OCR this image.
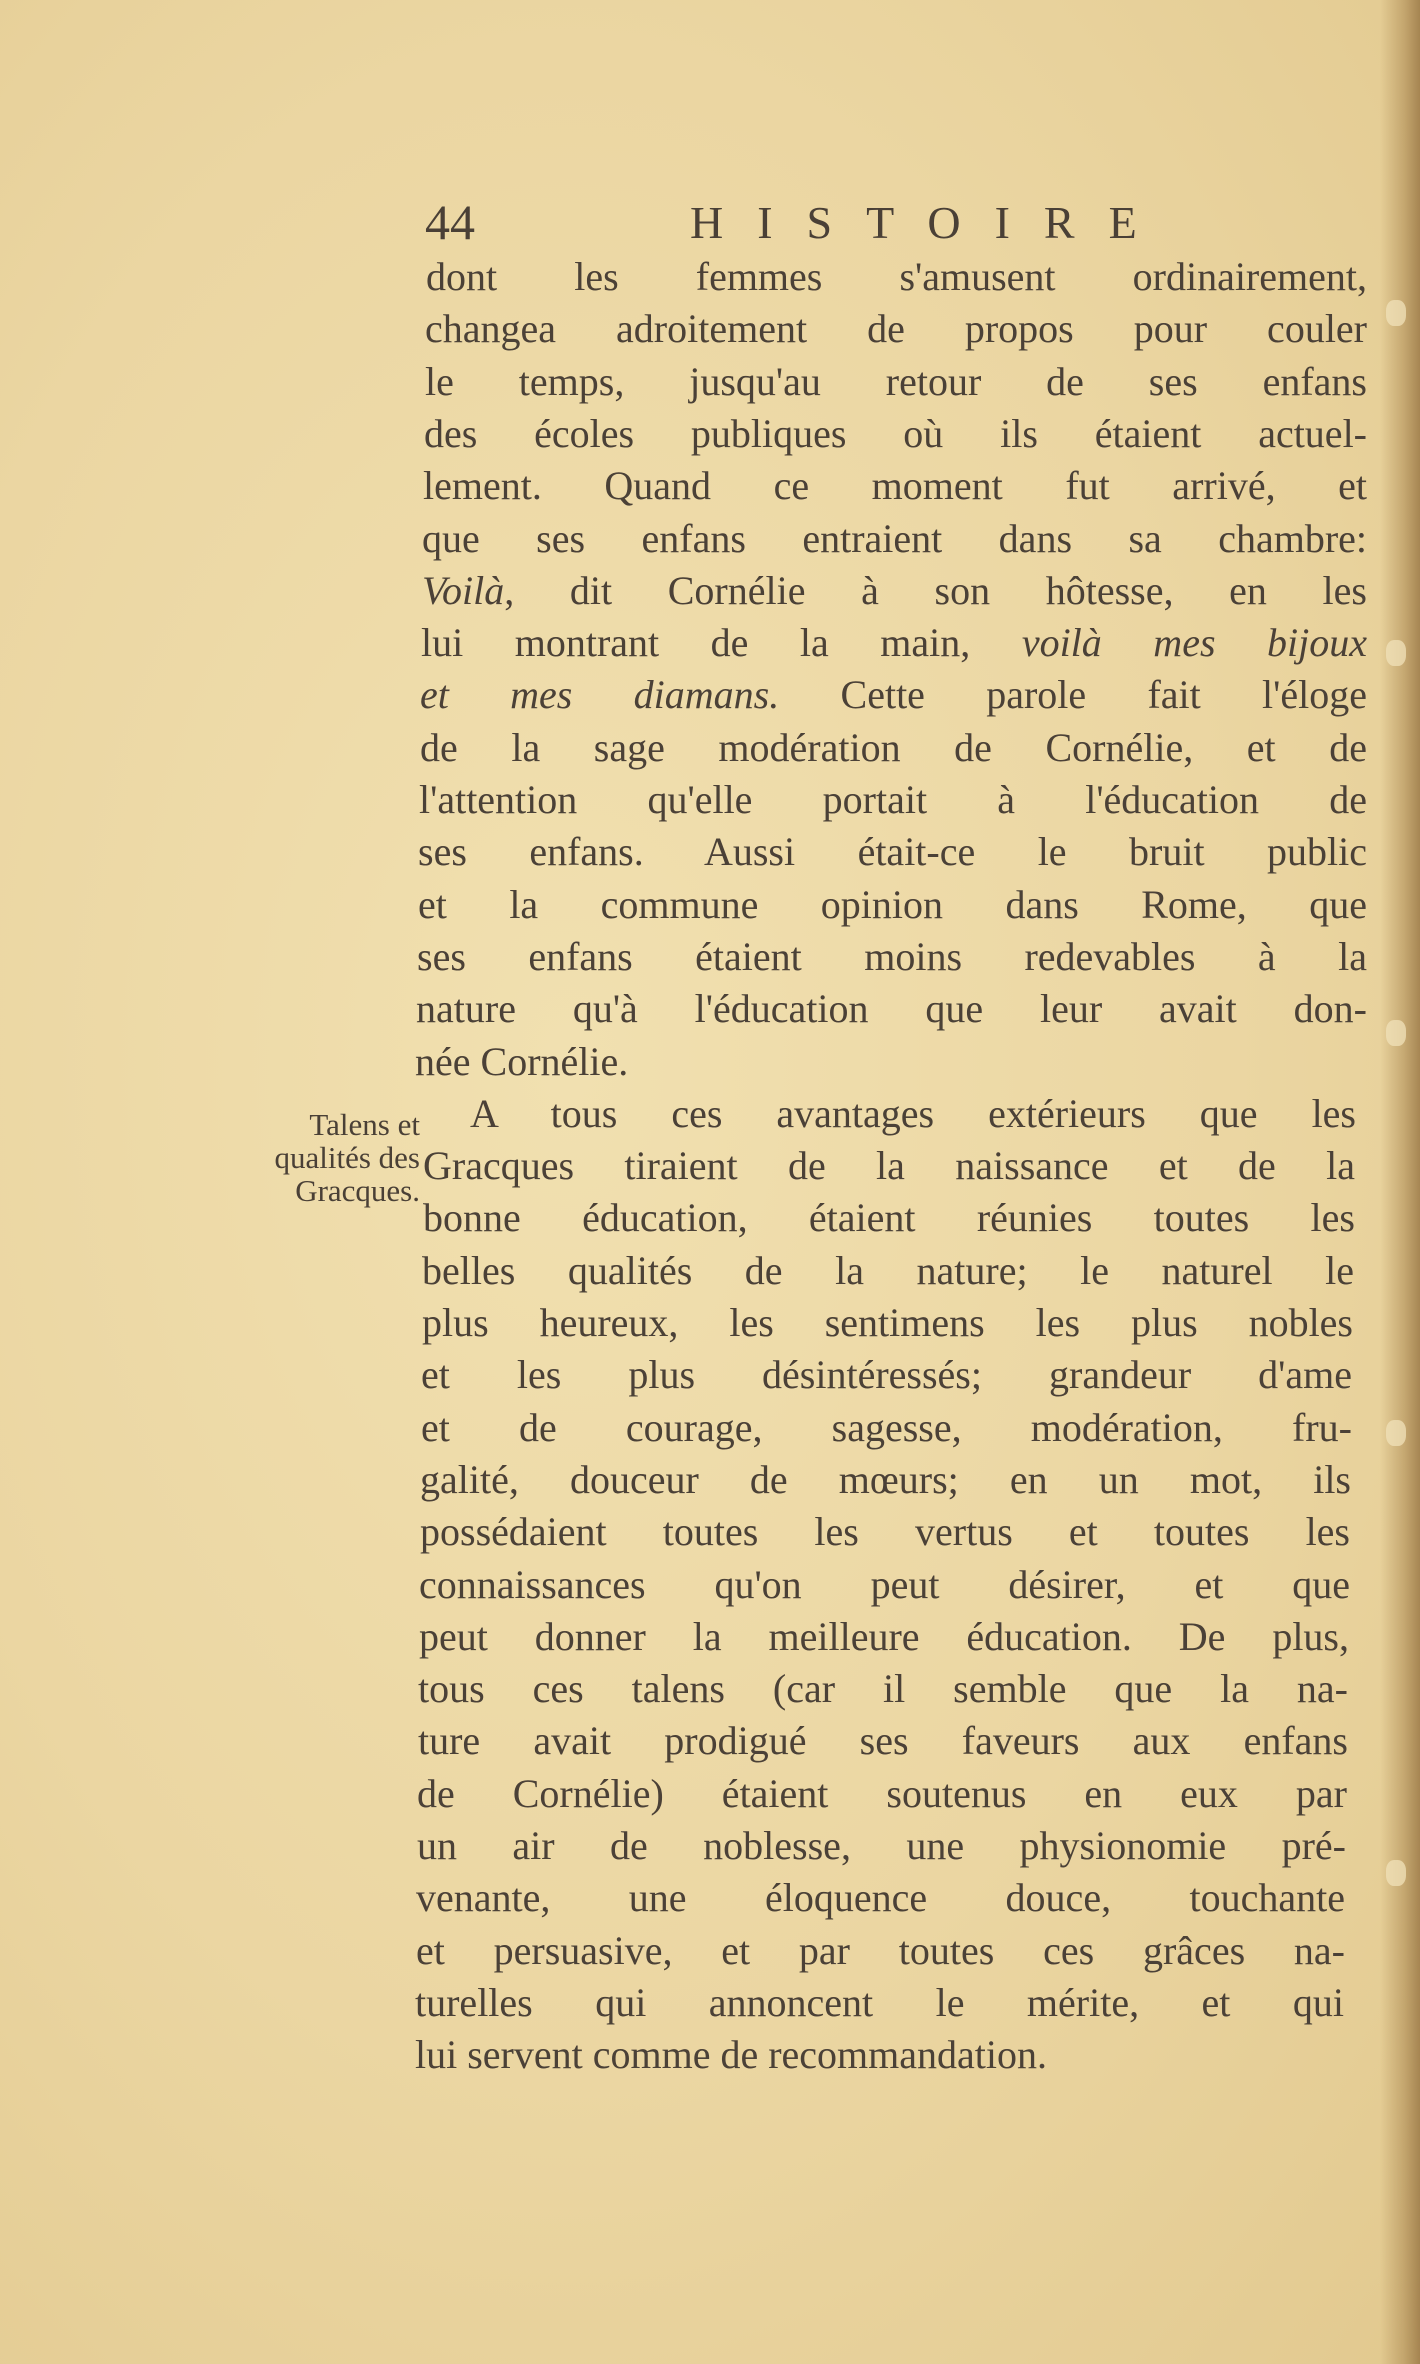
44	HISTOIRE
Talens et
qualités des
Gracques.
dont les femmes s'amusent ordinairement,
changea adroitement de propos pour couler
le temps, jusqu'au retour de ses enfans
des écoles publiques où ils étaient actuel-
lement. Quand ce moment fut arrivé, et
que ses enfans entraient dans sa chambre:
Voilà, dit Cornélie à son hôtesse, en les
lui montrant de la main, voilà mes bijoux
et mes diamans. Cette parole fait l'éloge
de la sage modération de Cornélie, et de
l'attention qu'elle portait à l'éducation de
ses enfans. Aussi était-ce le bruit public
et la commune opinion dans Rome, que
ses enfans étaient moins redevables à la
nature qu'à l'éducation que leur avait don-
née Cornélie.
A tous ces avantages extérieurs que les
Gracques tiraient de la naissance et de la
bonne éducation, étaient réunies toutes les
belles qualités de la nature; le naturel le
plus heureux, les sentimens les plus nobles
et les plus désintéressés; grandeur d'ame
et de courage, sagesse, modération, fru-
galité, douceur de mœurs; en un mot, ils
possédaient toutes les vertus et toutes les
connaissances qu'on peut désirer, et que
peut donner la meilleure éducation. De plus,
tous ces talens (car il semble que la na-
ture avait prodigué ses faveurs aux enfans
de Cornélie) étaient soutenus en eux par
un air de noblesse, une physionomie pré-
venante, une éloquence douce, touchante
et persuasive, et par toutes ces grâces na-
turelles qui annoncent le mérite, et qui
lui servent comme de recommandation.
